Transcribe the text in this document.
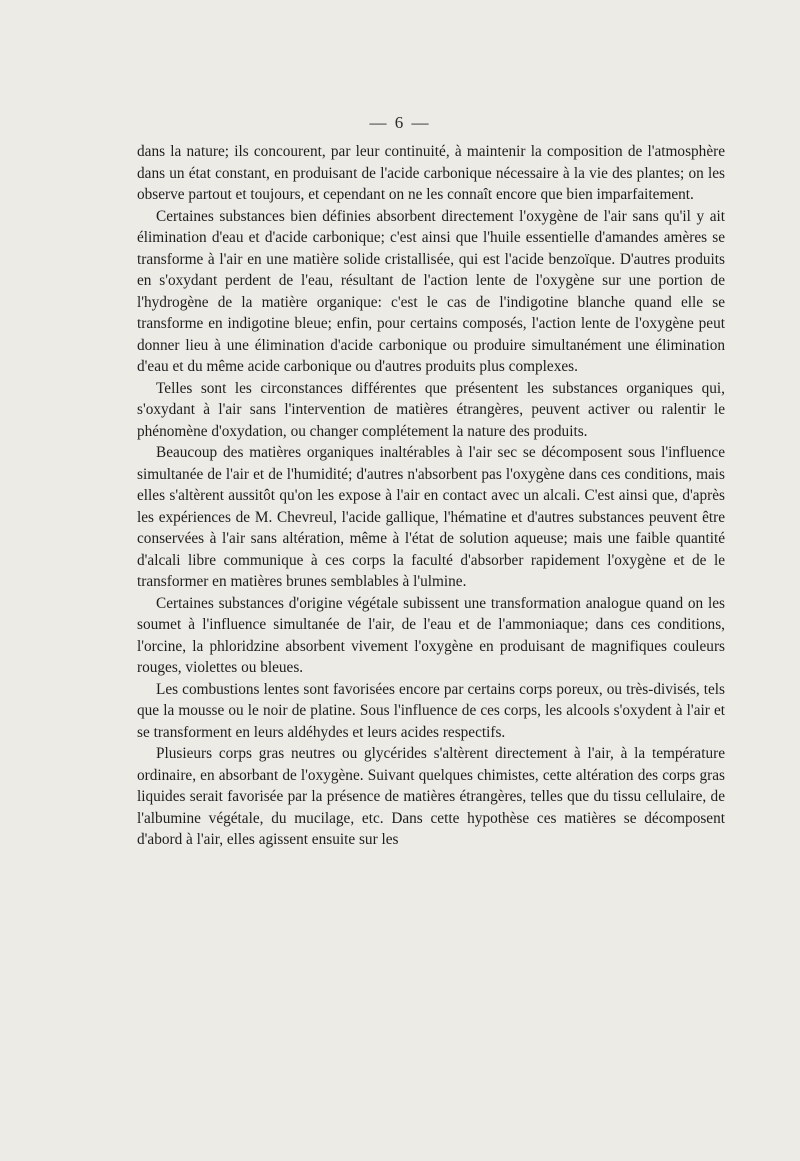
— 6 —

dans la nature; ils concourent, par leur continuité, à maintenir la composition de l'atmosphère dans un état constant, en produisant de l'acide carbonique nécessaire à la vie des plantes; on les observe partout et toujours, et cependant on ne les connaît encore que bien imparfaitement.

Certaines substances bien définies absorbent directement l'oxygène de l'air sans qu'il y ait élimination d'eau et d'acide carbonique; c'est ainsi que l'huile essentielle d'amandes amères se transforme à l'air en une matière solide cristallisée, qui est l'acide benzoïque. D'autres produits en s'oxydant perdent de l'eau, résultant de l'action lente de l'oxygène sur une portion de l'hydrogène de la matière organique: c'est le cas de l'indigotine blanche quand elle se transforme en indigotine bleue; enfin, pour certains composés, l'action lente de l'oxygène peut donner lieu à une élimination d'acide carbonique ou produire simultanément une élimination d'eau et du même acide carbonique ou d'autres produits plus complexes.

Telles sont les circonstances différentes que présentent les substances organiques qui, s'oxydant à l'air sans l'intervention de matières étrangères, peuvent activer ou ralentir le phénomène d'oxydation, ou changer complétement la nature des produits.

Beaucoup des matières organiques inaltérables à l'air sec se décomposent sous l'influence simultanée de l'air et de l'humidité; d'autres n'absorbent pas l'oxygène dans ces conditions, mais elles s'altèrent aussitôt qu'on les expose à l'air en contact avec un alcali. C'est ainsi que, d'après les expériences de M. Chevreul, l'acide gallique, l'hématine et d'autres substances peuvent être conservées à l'air sans altération, même à l'état de solution aqueuse; mais une faible quantité d'alcali libre communique à ces corps la faculté d'absorber rapidement l'oxygène et de le transformer en matières brunes semblables à l'ulmine.

Certaines substances d'origine végétale subissent une transformation analogue quand on les soumet à l'influence simultanée de l'air, de l'eau et de l'ammoniaque; dans ces conditions, l'orcine, la phloridzine absorbent vivement l'oxygène en produisant de magnifiques couleurs rouges, violettes ou bleues.

Les combustions lentes sont favorisées encore par certains corps poreux, ou très-divisés, tels que la mousse ou le noir de platine. Sous l'influence de ces corps, les alcools s'oxydent à l'air et se transforment en leurs aldéhydes et leurs acides respectifs.

Plusieurs corps gras neutres ou glycérides s'altèrent directement à l'air, à la température ordinaire, en absorbant de l'oxygène. Suivant quelques chimistes, cette altération des corps gras liquides serait favorisée par la présence de matières étrangères, telles que du tissu cellulaire, de l'albumine végétale, du mucilage, etc. Dans cette hypothèse ces matières se décomposent d'abord à l'air, elles agissent ensuite sur les
